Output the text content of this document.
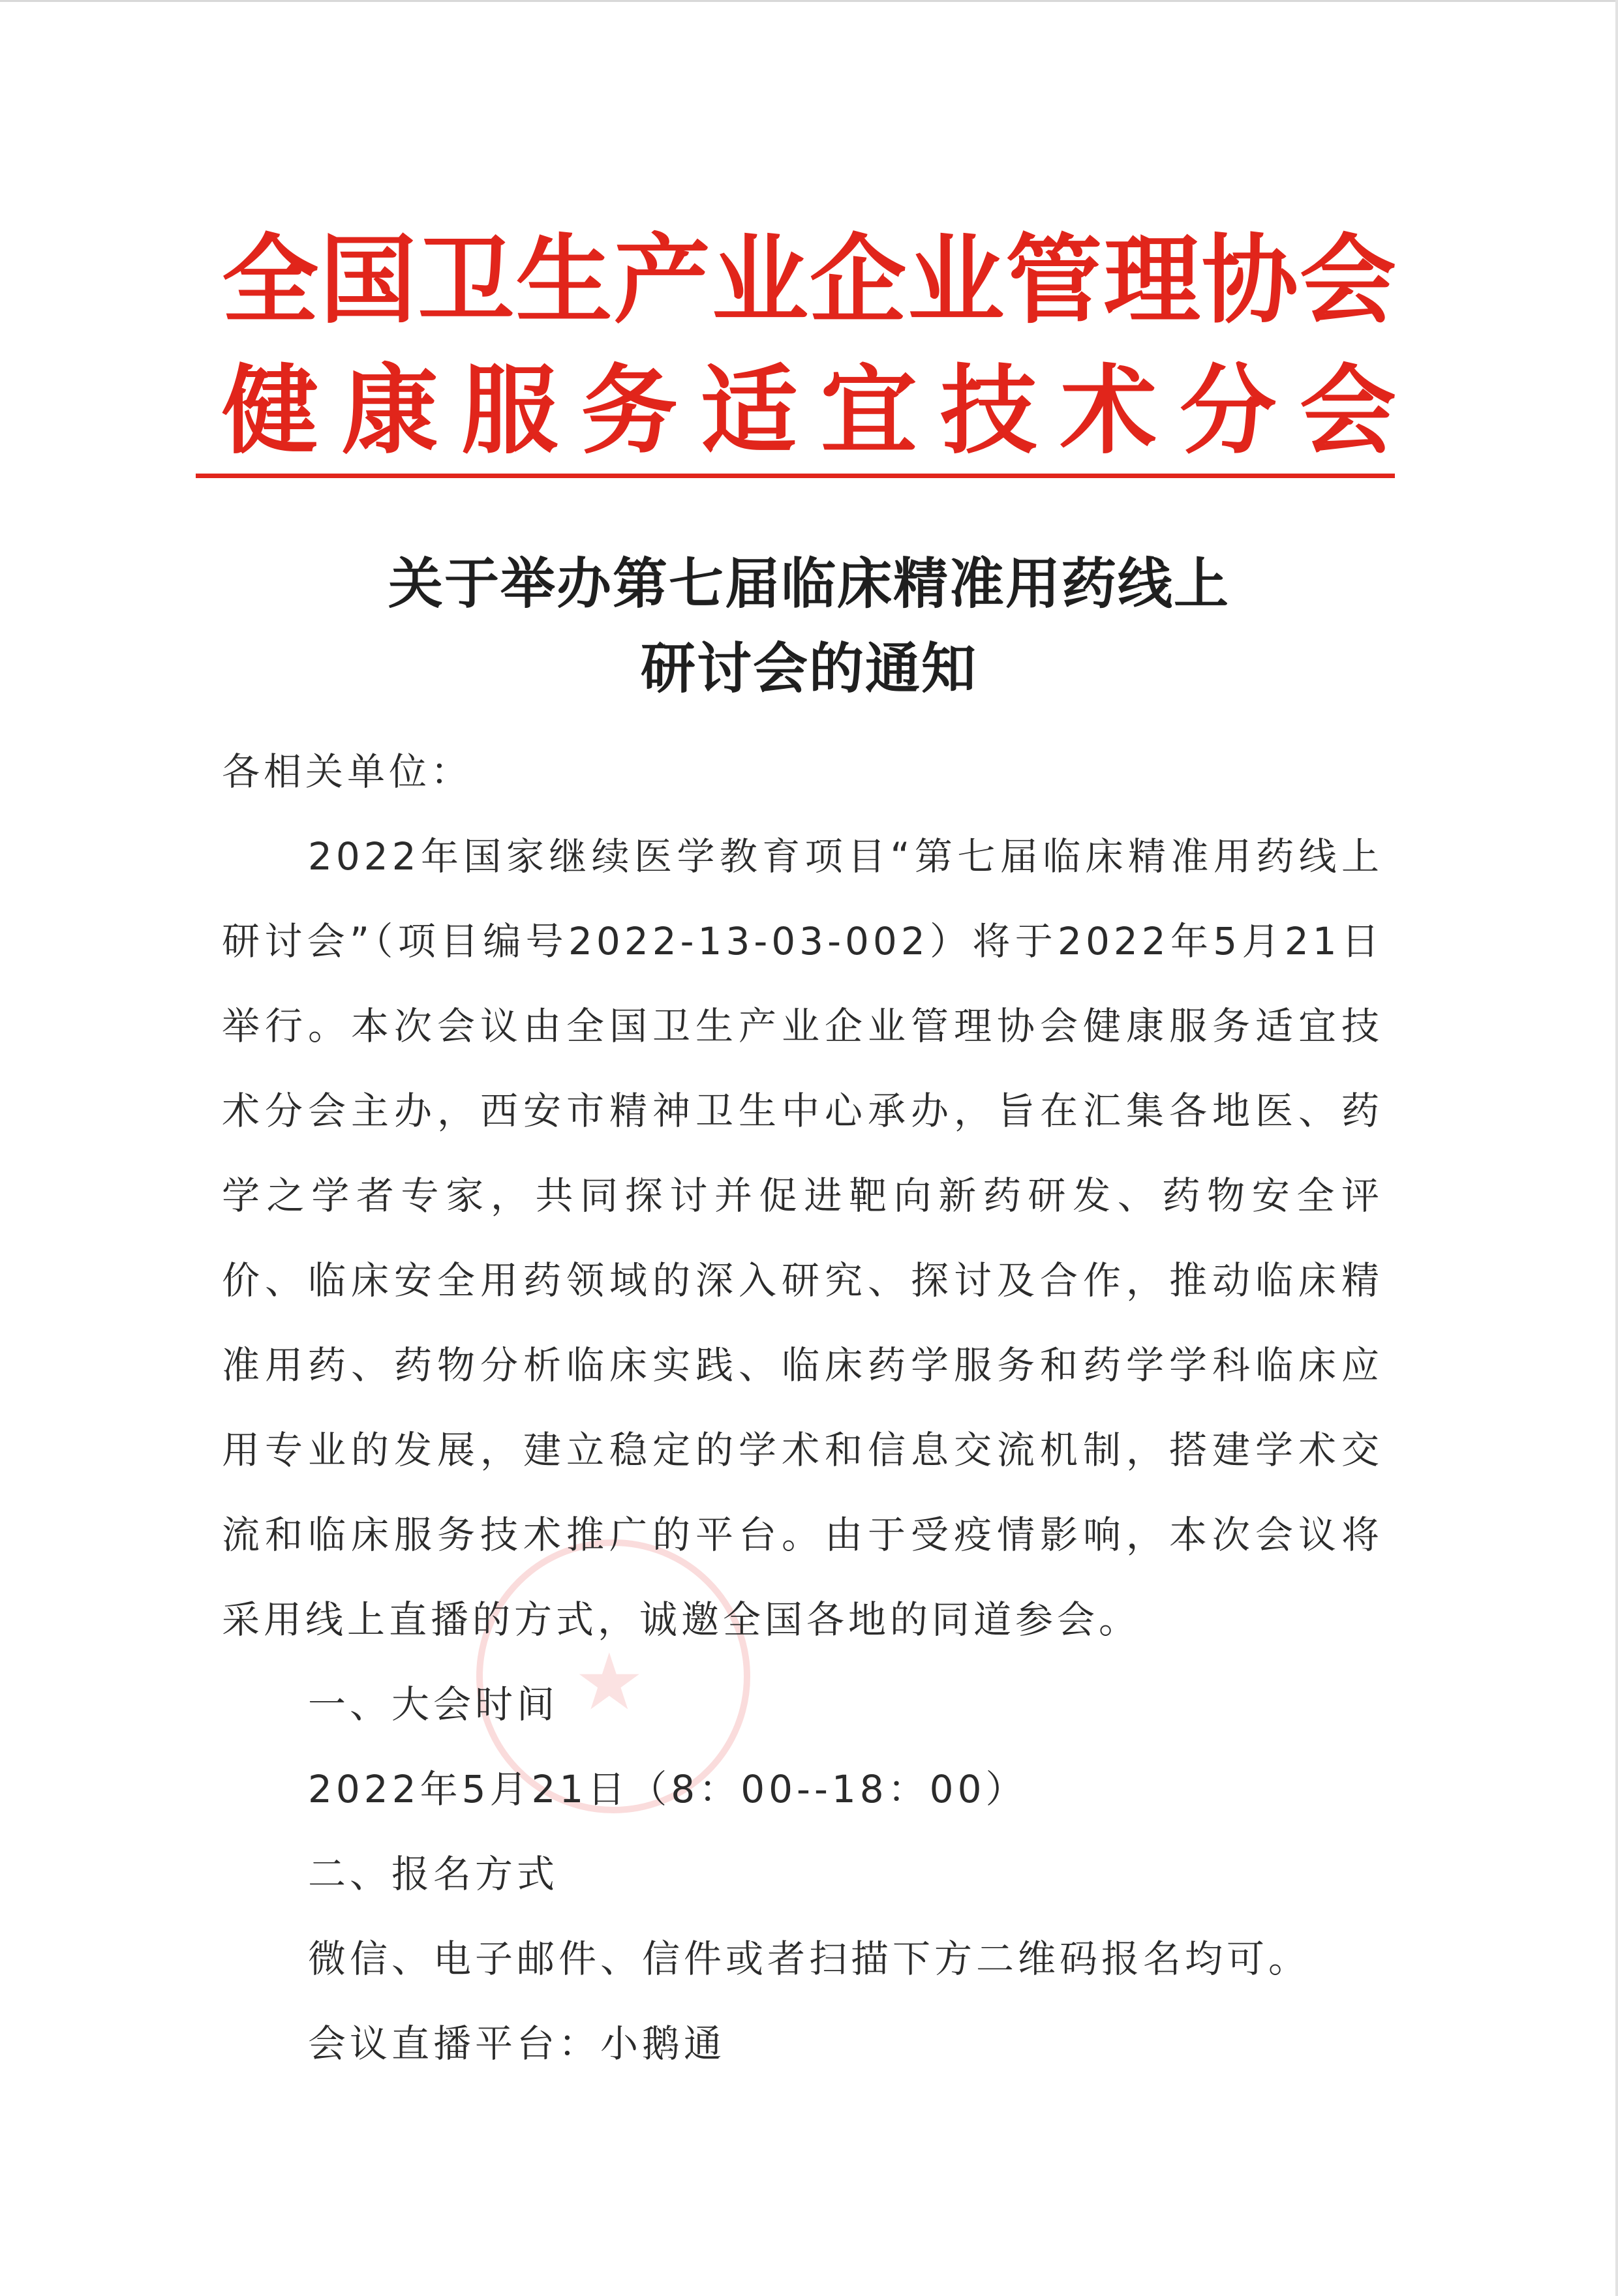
全 国 卫 生 产 业 企 业 管 理 协 会
健 康 服 务 适 宜 技 术 分 会
关于举办第七届临床精准用药线上
研讨会的通知
★

各相关单位：

2022年国家继续医学教育项目“第七届临床精准用药线上研讨会”（项目编号2022-13-03-002）将于2022年5月21日举行。本次会议由全国卫生产业企业管理协会健康服务适宜技术分会主办，西安市精神卫生中心承办，旨在汇集各地医、药学之学者专家，共同探讨并促进靶向新药研发、药物安全评价、临床安全用药领域的深入研究、探讨及合作，推动临床精准用药、药物分析临床实践、临床药学服务和药学学科临床应用专业的发展，建立稳定的学术和信息交流机制，搭建学术交流和临床服务技术推广的平台。由于受疫情影响，本次会议将采用线上直播的方式，诚邀全国各地的同道参会。

一、大会时间

2022年5月21日（8：00--18：00）

二、报名方式

微信、电子邮件、信件或者扫描下方二维码报名均可。

会议直播平台：小鹅通
